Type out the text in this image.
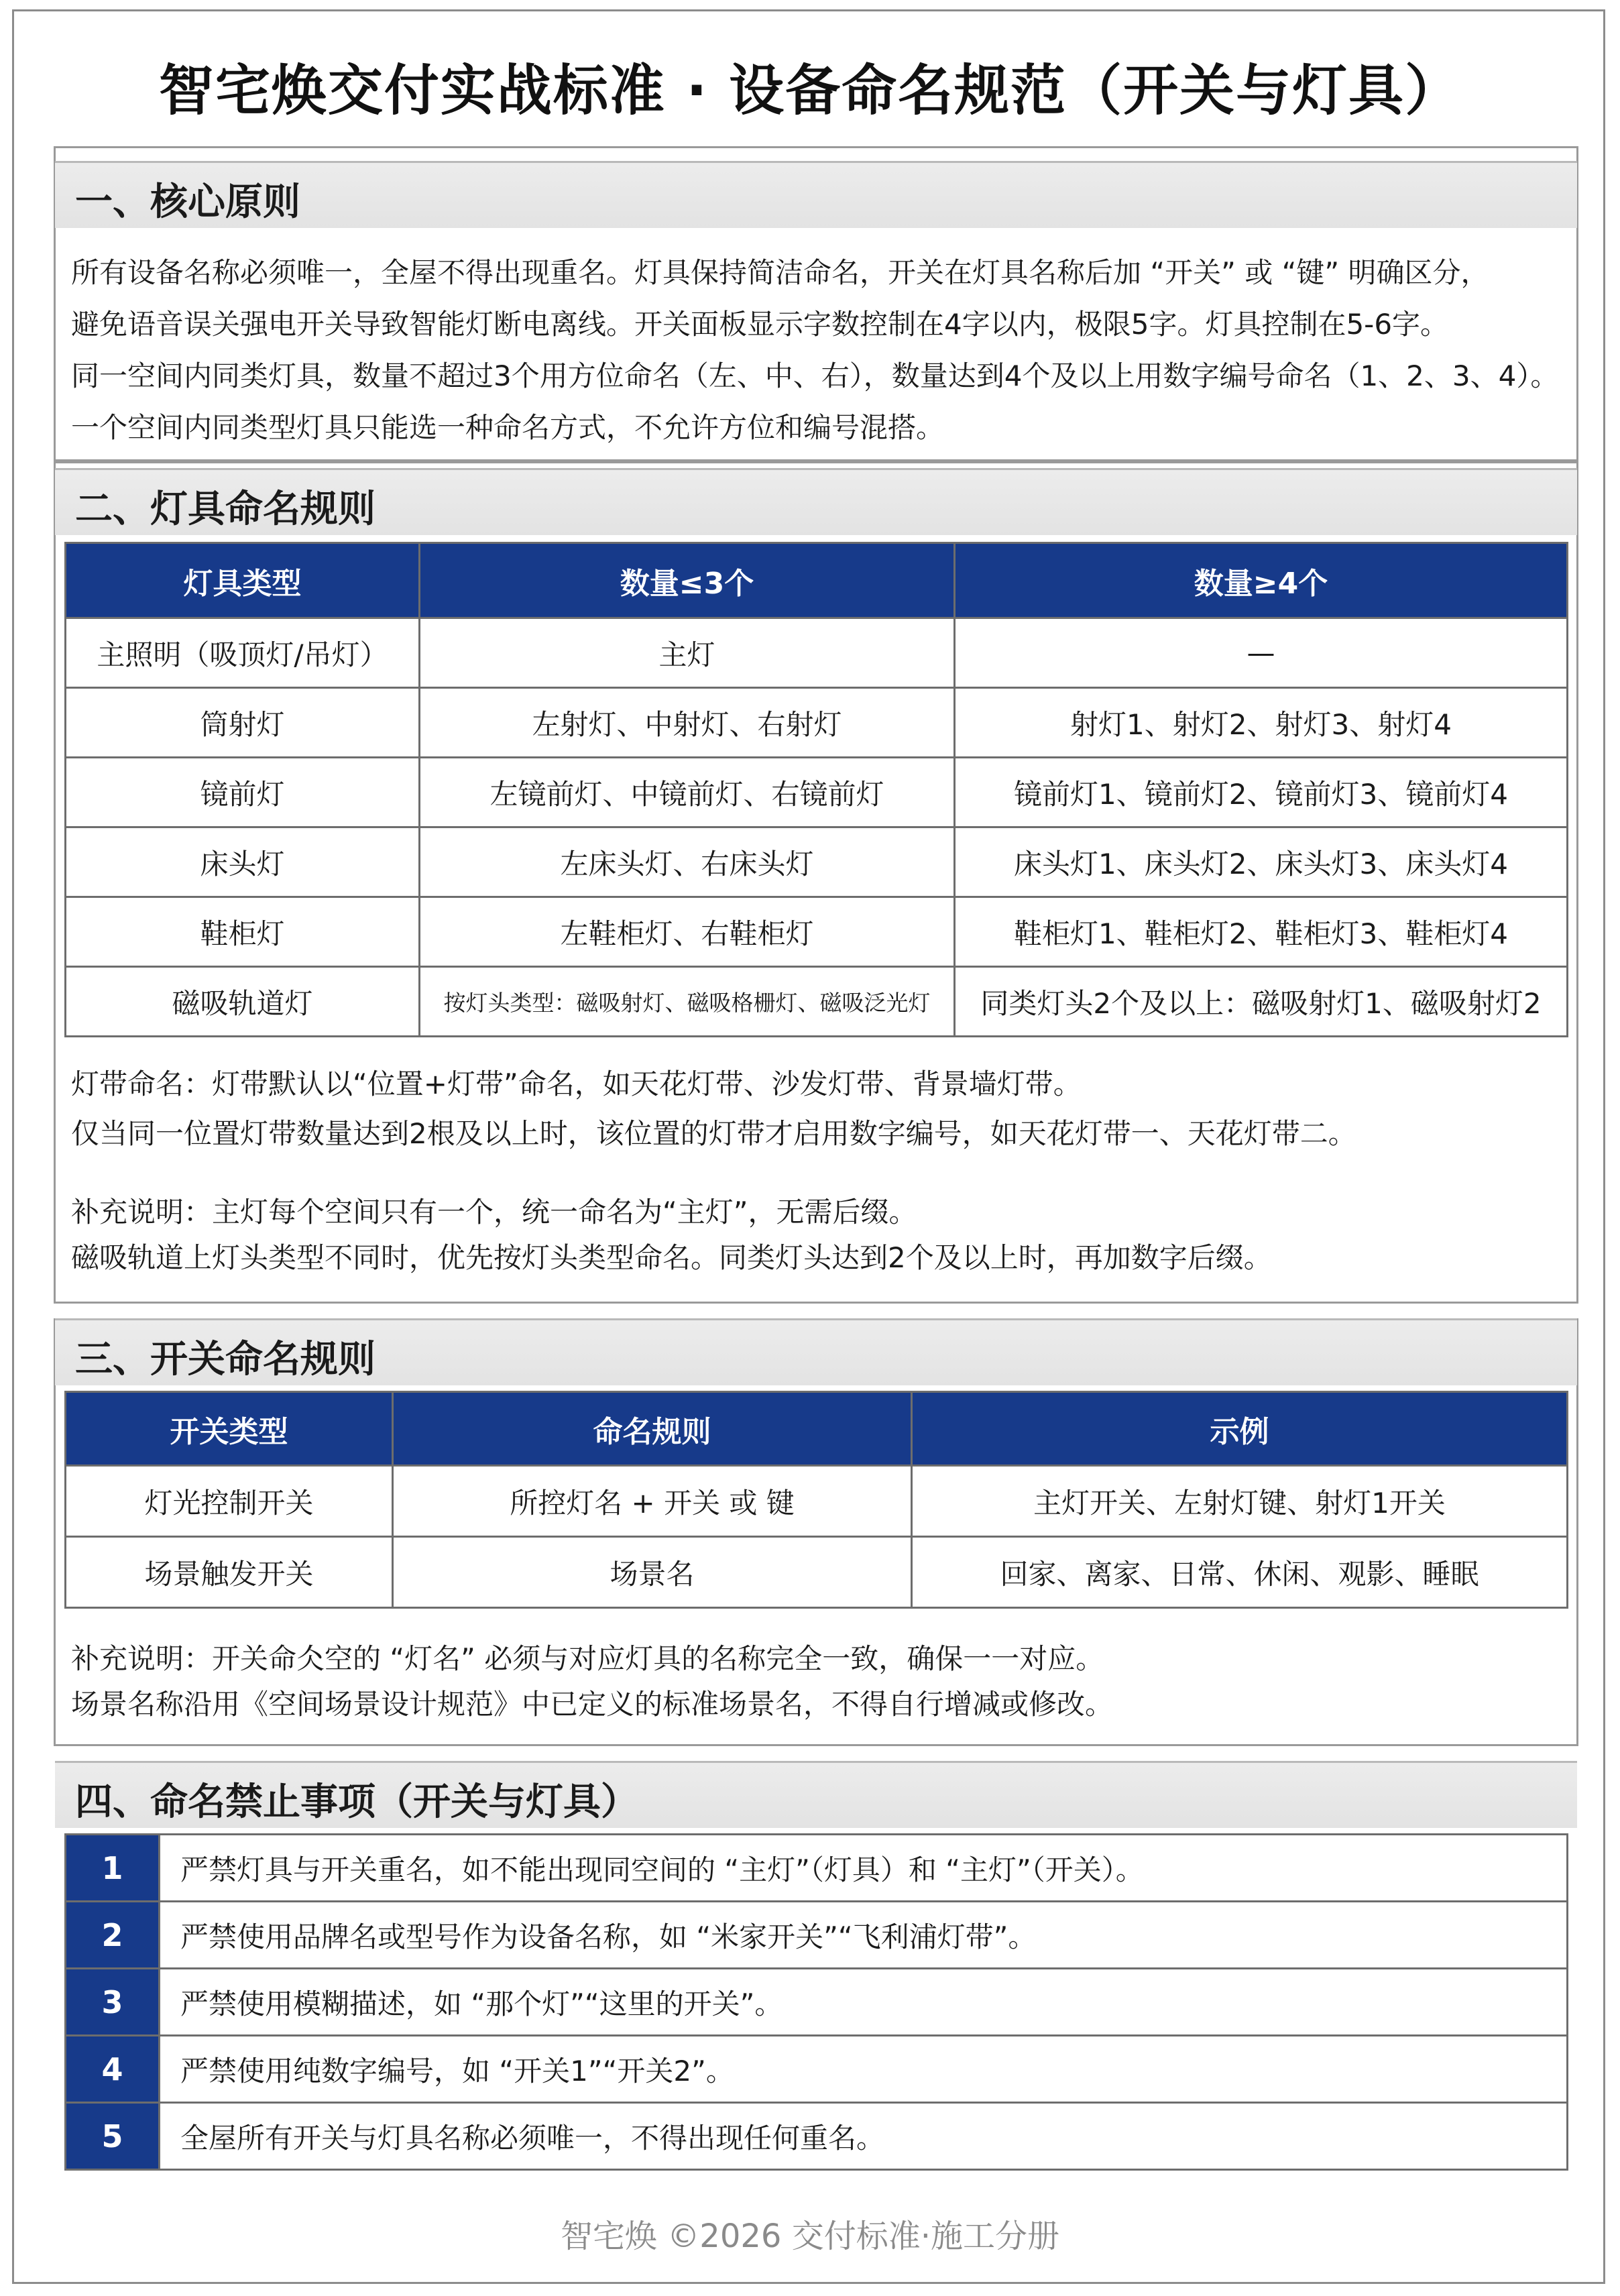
智宅焕交付实战标准 · 设备命名规范（开关与灯具）
一、核心原则

所有设备名称必须唯一，全屋不得出现重名。灯具保持简洁命名，开关在灯具名称后加 “开关” 或 “键” 明确区分，

避免语音误关强电开关导致智能灯断电离线。开关面板显示字数控制在4字以内，极限5字。灯具控制在5-6字。

同一空间内同类灯具，数量不超过3个用方位命名（左、中、右），数量达到4个及以上用数字编号命名（1、2、3、4）。

一个空间内同类型灯具只能选一种命名方式，不允许方位和编号混搭。

二、灯具命名规则
灯具类型	数量≤3个	数量≥4个
主照明（吸顶灯/吊灯）	主灯	—
筒射灯	左射灯、中射灯、右射灯	射灯1、射灯2、射灯3、射灯4
镜前灯	左镜前灯、中镜前灯、右镜前灯	镜前灯1、镜前灯2、镜前灯3、镜前灯4
床头灯	左床头灯、右床头灯	床头灯1、床头灯2、床头灯3、床头灯4
鞋柜灯	左鞋柜灯、右鞋柜灯	鞋柜灯1、鞋柜灯2、鞋柜灯3、鞋柜灯4
磁吸轨道灯	按灯头类型：磁吸射灯、磁吸格栅灯、磁吸泛光灯	同类灯头2个及以上：磁吸射灯1、磁吸射灯2

灯带命名：灯带默认以“位置+灯带”命名，如天花灯带、沙发灯带、背景墙灯带。

仅当同一位置灯带数量达到2根及以上时，该位置的灯带才启用数字编号，如天花灯带一、天花灯带二。

补充说明：主灯每个空间只有一个，统一命名为“主灯”，无需后缀。

磁吸轨道上灯头类型不同时，优先按灯头类型命名。同类灯头达到2个及以上时，再加数字后缀。

三、开关命名规则
开关类型	命名规则	示例
灯光控制开关	所控灯名 + 开关 或 键	主灯开关、左射灯键、射灯1开关
场景触发开关	场景名	回家、离家、日常、休闲、观影、睡眠

补充说明：开关命仌空的 “灯名” 必须与对应灯具的名称完全一致，确保一一对应。

场景名称沿用《空间场景设计规范》中已定义的标准场景名，不得自行增减或修改。

四、命名禁止事项（开关与灯具）
1	严禁灯具与开关重名，如不能出现同空间的 “主灯”（灯具）和 “主灯”（开关）。
2	严禁使用品牌名或型号作为设备名称，如 “米家开关”“飞利浦灯带”。
3	严禁使用模糊描述，如 “那个灯”“这里的开关”。
4	严禁使用纯数字编号，如 “开关1”“开关2”。
5	全屋所有开关与灯具名称必须唯一，不得出现任何重名。
智宅焕 ©2026 交付标准·施工分册
